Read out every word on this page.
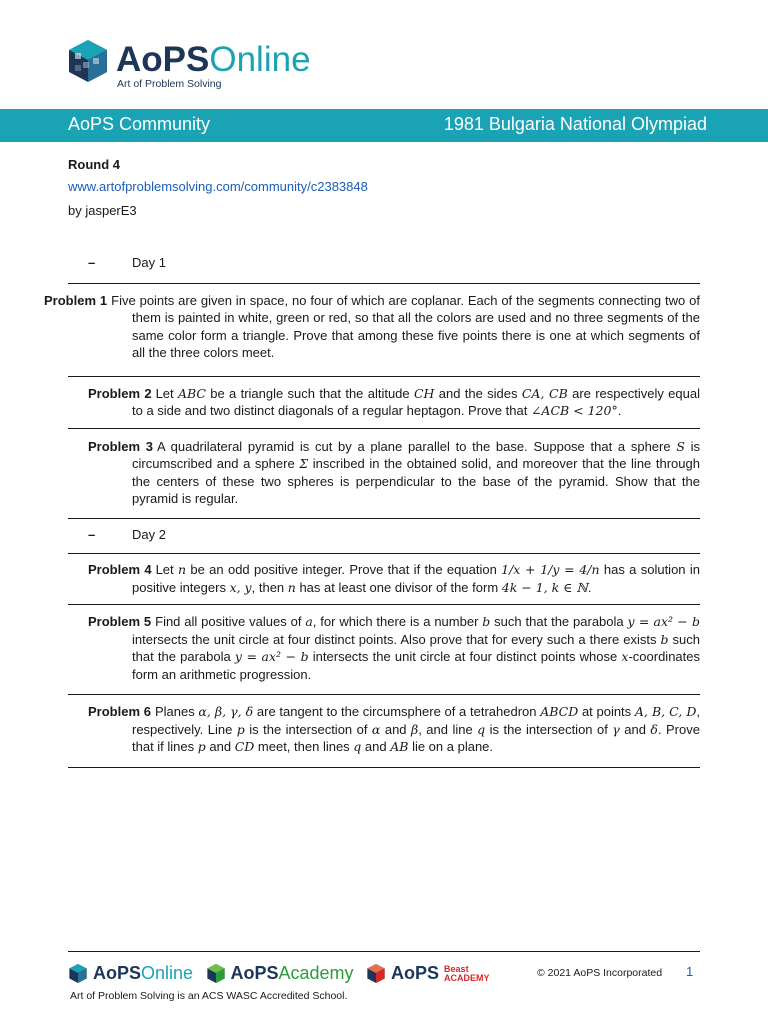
AoPSOnline
Art of Problem Solving
AoPS Community	1981 Bulgaria National Olympiad
Round 4
www.artofproblemsolving.com/community/c2383848
by jasperE3
–	Day 1
Problem 1 Five points are given in space, no four of which are coplanar. Each of the segments connecting two of them is painted in white, green or red, so that all the colors are used and no three segments of the same color form a triangle. Prove that among these five points there is one at which segments of all the three colors meet.
Problem 2 Let ABC be a triangle such that the altitude CH and the sides CA, CB are respectively equal to a side and two distinct diagonals of a regular heptagon. Prove that ∠ACB < 120°.
Problem 3 A quadrilateral pyramid is cut by a plane parallel to the base. Suppose that a sphere S is circumscribed and a sphere Σ inscribed in the obtained solid, and moreover that the line through the centers of these two spheres is perpendicular to the base of the pyramid. Show that the pyramid is regular.
–	Day 2
Problem 4 Let n be an odd positive integer. Prove that if the equation 1/x + 1/y = 4/n has a solution in positive integers x, y, then n has at least one divisor of the form 4k − 1, k ∈ ℕ.
Problem 5 Find all positive values of a, for which there is a number b such that the parabola y = ax² − b intersects the unit circle at four distinct points. Also prove that for every such a there exists b such that the parabola y = ax² − b intersects the unit circle at four distinct points whose x-coordinates form an arithmetic progression.
Problem 6 Planes α, β, γ, δ are tangent to the circumsphere of a tetrahedron ABCD at points A, B, C, D, respectively. Line p is the intersection of α and β, and line q is the intersection of γ and δ. Prove that if lines p and CD meet, then lines q and AB lie on a plane.
AoPSOnline AoPSAcademy AoPS Beast
ACADEMY	© 2021 AoPS Incorporated 1
Art of Problem Solving is an ACS WASC Accredited School.
